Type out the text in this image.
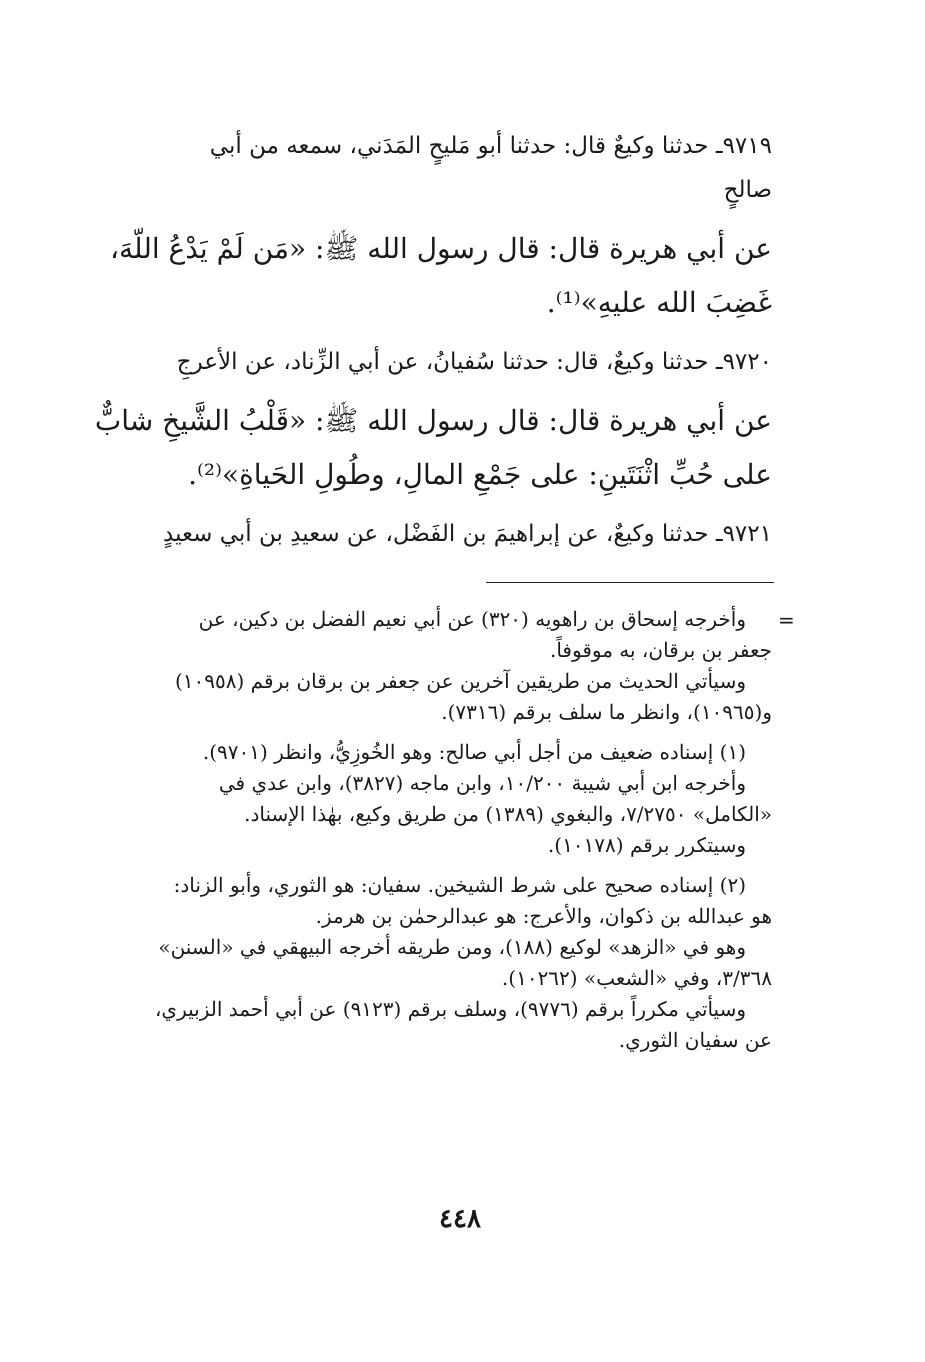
٩٧١٩ـ حدثنا وكيعٌ قال: حدثنا أبو مَليحٍ المَدَني، سمعه من أبي

صالحٍ

عن أبي هريرة قال: قال رسول الله ﷺ: «مَن لَمْ يَدْعُ اللّهَ،

غَضِبَ الله عليهِ»⁽¹⁾.

٩٧٢٠ـ حدثنا وكيعٌ، قال: حدثنا سُفيانُ، عن أبي الزِّناد، عن الأعرجِ

عن أبي هريرة قال: قال رسول الله ﷺ: «قَلْبُ الشَّيخِ شابٌّ

على حُبِّ اثْنَتَينِ: على جَمْعِ المالِ، وطُولِ الحَياةِ»⁽²⁾.

٩٧٢١ـ حدثنا وكيعٌ، عن إبراهيمَ بن الفَضْل، عن سعيدِ بن أبي سعيدٍ

=

وأخرجه إسحاق بن راهويه (٣٢٠) عن أبي نعيم الفضل بن دكين، عن

جعفر بن برقان، به موقوفاً.

وسيأتي الحديث من طريقين آخرين عن جعفر بن برقان برقم (١٠٩٥٨)

و(١٠٩٦٥)، وانظر ما سلف برقم (٧٣١٦).

(١) إسناده ضعيف من أجل أبي صالح: وهو الخُوزِيُّ، وانظر (٩٧٠١).

وأخرجه ابن أبي شيبة ١٠/٢٠٠، وابن ماجه (٣٨٢٧)، وابن عدي في

«الكامل» ٧/٢٧٥٠، والبغوي (١٣٨٩) من طريق وكيع، بهٰذا الإسناد.

وسيتكرر برقم (١٠١٧٨).

(٢) إسناده صحيح على شرط الشيخين. سفيان: هو الثوري، وأبو الزناد:

هو عبدالله بن ذكوان، والأعرج: هو عبدالرحمٰن بن هرمز.

وهو في «الزهد» لوكيع (١٨٨)، ومن طريقه أخرجه البيهقي في «السنن»

٣/٣٦٨، وفي «الشعب» (١٠٢٦٢).

وسيأتي مكرراً برقم (٩٧٧٦)، وسلف برقم (٩١٢٣) عن أبي أحمد الزبيري،

عن سفيان الثوري.

٤٤٨
